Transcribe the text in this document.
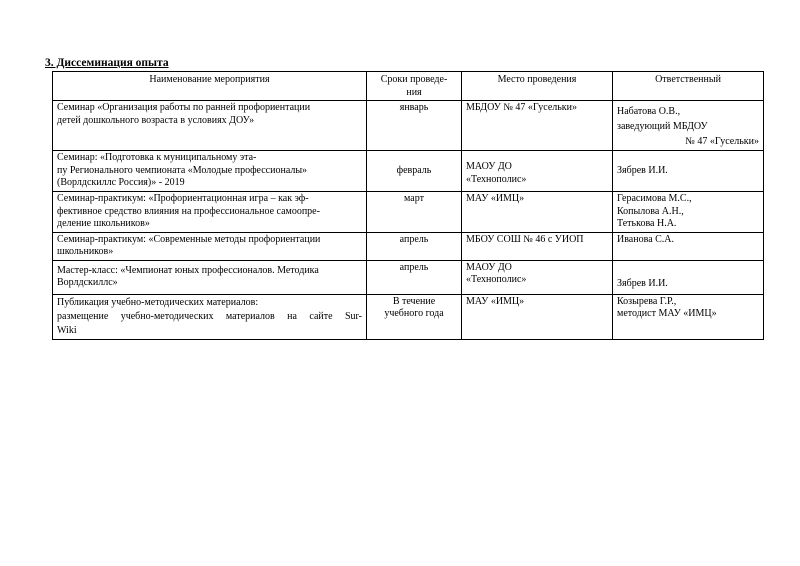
3. Диссеминация опыта
Наименование мероприятия	Сроки проведе-
ния	Место проведения	Ответственный

Семинар «Организация работы по ранней профориентации
детей дошкольного возраста в условиях ДОУ»	январь	МБДОУ № 47 «Гусельки»	Набатова О.В.,
заведующий МБДОУ
№ 47 «Гусельки»

Семинар: «Подготовка к муниципальному эта-
пу Регионального чемпионата «Молодые профессионалы»
(Ворлдскиллс Россия)» - 2019	февраль	МАОУ ДО
«Технополис»	Зябрев И.И.

Семинар-практикум: «Профориентационная игра – как эф-
фективное средство влияния на профессиональное самоопре-
деление школьников»	март	МАУ «ИМЦ»	Герасимова М.С.,
Копылова А.Н.,
Тетькова Н.А.

Семинар-практикум: «Современные методы профориентации
школьников»	апрель	МБОУ СОШ № 46 с УИОП	Иванова С.А.

Мастер-класс: «Чемпионат юных профессионалов. Методика
Ворлдскиллс»	апрель	МАОУ ДО
«Технополис»	Зябрев И.И.

Публикация учебно-методических материалов:
размещение учебно-методических материалов на сайте Sur-
Wiki	В течение
учебного года	МАУ «ИМЦ»	Козырева Г.Р.,
методист МАУ «ИМЦ»
